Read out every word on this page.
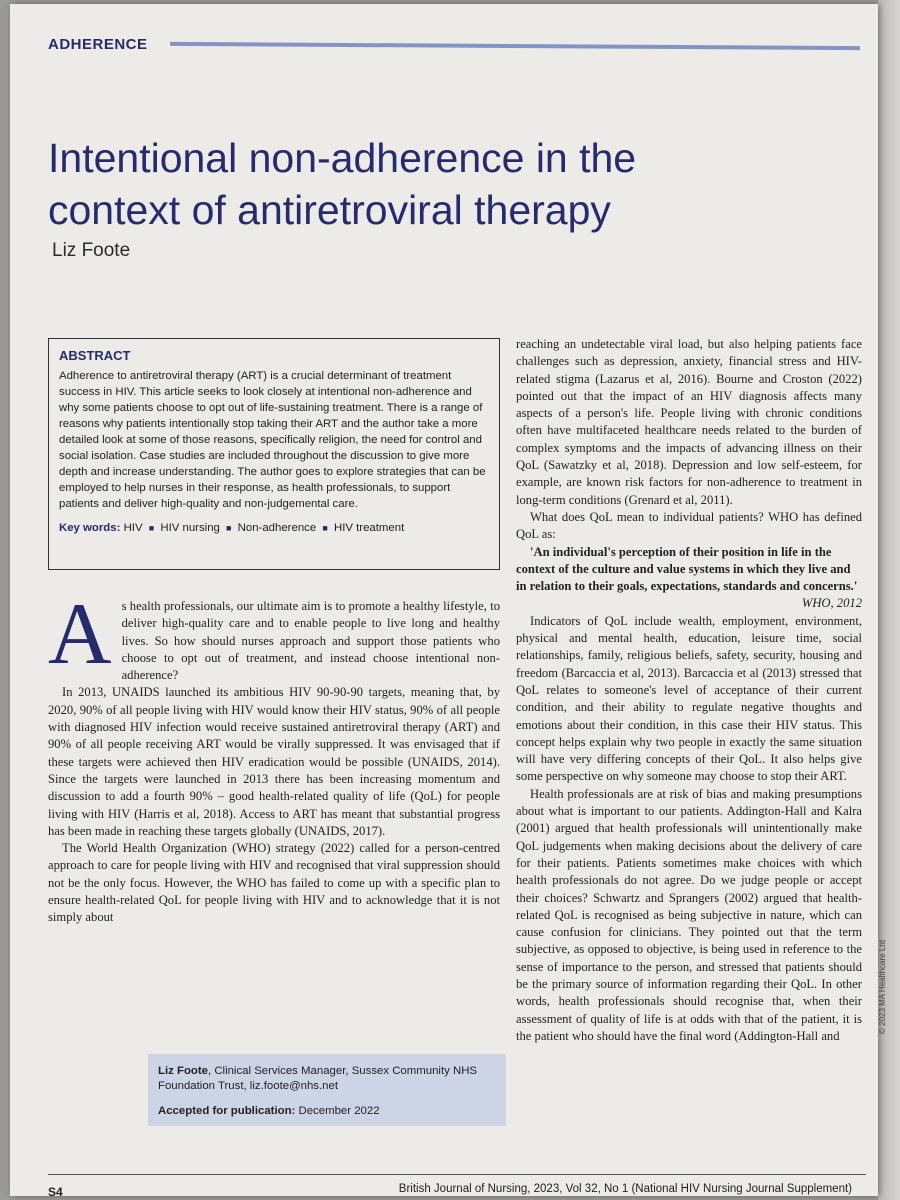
ADHERENCE
Intentional non-adherence in the context of antiretroviral therapy
Liz Foote
ABSTRACT

Adherence to antiretroviral therapy (ART) is a crucial determinant of treatment success in HIV. This article seeks to look closely at intentional non-adherence and why some patients choose to opt out of life-sustaining treatment. There is a range of reasons why patients intentionally stop taking their ART and the author take a more detailed look at some of those reasons, specifically religion, the need for control and social isolation. Case studies are included throughout the discussion to give more depth and increase understanding. The author goes to explore strategies that can be employed to help nurses in their response, as health professionals, to support patients and deliver high-quality and non-judgemental care.

Key words: HIV ■ HIV nursing ■ Non-adherence ■ HIV treatment

As health professionals, our ultimate aim is to promote a healthy lifestyle, to deliver high-quality care and to enable people to live long and healthy lives. So how should nurses approach and support those patients who choose to opt out of treatment, and instead choose intentional non-adherence?

In 2013, UNAIDS launched its ambitious HIV 90-90-90 targets, meaning that, by 2020, 90% of all people living with HIV would know their HIV status, 90% of all people with diagnosed HIV infection would receive sustained antiretroviral therapy (ART) and 90% of all people receiving ART would be virally suppressed. It was envisaged that if these targets were achieved then HIV eradication would be possible (UNAIDS, 2014). Since the targets were launched in 2013 there has been increasing momentum and discussion to add a fourth 90% – good health-related quality of life (QoL) for people living with HIV (Harris et al, 2018). Access to ART has meant that substantial progress has been made in reaching these targets globally (UNAIDS, 2017).

The World Health Organization (WHO) strategy (2022) called for a person-centred approach to care for people living with HIV and recognised that viral suppression should not be the only focus. However, the WHO has failed to come up with a specific plan to ensure health-related QoL for people living with HIV and to acknowledge that it is not simply about

Liz Foote, Clinical Services Manager, Sussex Community NHS Foundation Trust, liz.foote@nhs.net
Accepted for publication: December 2022

reaching an undetectable viral load, but also helping patients face challenges such as depression, anxiety, financial stress and HIV-related stigma (Lazarus et al, 2016). Bourne and Croston (2022) pointed out that the impact of an HIV diagnosis affects many aspects of a person's life. People living with chronic conditions often have multifaceted healthcare needs related to the burden of complex symptoms and the impacts of advancing illness on their QoL (Sawatzky et al, 2018). Depression and low self-esteem, for example, are known risk factors for non-adherence to treatment in long-term conditions (Grenard et al, 2011).

What does QoL mean to individual patients? WHO has defined QoL as:

'An individual's perception of their position in life in the context of the culture and value systems in which they live and in relation to their goals, expectations, standards and concerns.'

WHO, 2012

Indicators of QoL include wealth, employment, environment, physical and mental health, education, leisure time, social relationships, family, religious beliefs, safety, security, housing and freedom (Barcaccia et al, 2013). Barcaccia et al (2013) stressed that QoL relates to someone's level of acceptance of their current condition, and their ability to regulate negative thoughts and emotions about their condition, in this case their HIV status. This concept helps explain why two people in exactly the same situation will have very differing concepts of their QoL. It also helps give some perspective on why someone may choose to stop their ART.

Health professionals are at risk of bias and making presumptions about what is important to our patients. Addington-Hall and Kalra (2001) argued that health professionals will unintentionally make QoL judgements when making decisions about the delivery of care for their patients. Patients sometimes make choices with which health professionals do not agree. Do we judge people or accept their choices? Schwartz and Sprangers (2002) argued that health-related QoL is recognised as being subjective in nature, which can cause confusion for clinicians. They pointed out that the term subjective, as opposed to objective, is being used in reference to the sense of importance to the person, and stressed that patients should be the primary source of information regarding their QoL. In other words, health professionals should recognise that, when their assessment of quality of life is at odds with that of the patient, it is the patient who should have the final word (Addington-Hall and

© 2023 MA Healthcare Ltd
S4	British Journal of Nursing, 2023, Vol 32, No 1 (National HIV Nursing Journal Supplement)
